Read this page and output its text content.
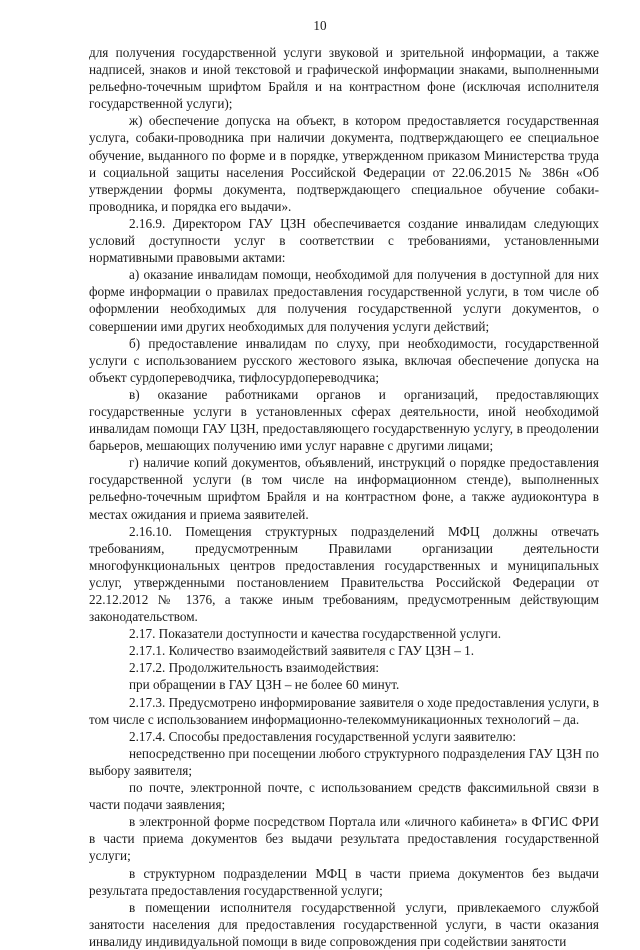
10

для получения государственной услуги звуковой и зрительной информации, а также надписей, знаков и иной текстовой и графической информации знаками, выполненными рельефно-точечным шрифтом Брайля и на контрастном фоне (исключая исполнителя государственной услуги);

ж) обеспечение допуска на объект, в котором предоставляется государственная услуга, собаки-проводника при наличии документа, подтверждающего ее специальное обучение, выданного по форме и в порядке, утвержденном приказом Министерства труда и социальной защиты населения Российской Федерации от 22.06.2015 № 386н «Об утверждении формы документа, подтверждающего специальное обучение собаки-проводника, и порядка его выдачи».

2.16.9. Директором ГАУ ЦЗН обеспечивается создание инвалидам следующих условий доступности услуг в соответствии с требованиями, установленными нормативными правовыми актами:

а) оказание инвалидам помощи, необходимой для получения в доступной для них форме информации о правилах предоставления государственной услуги, в том числе об оформлении необходимых для получения государственной услуги документов, о совершении ими других необходимых для получения услуги действий;

б) предоставление инвалидам по слуху, при необходимости, государственной услуги с использованием русского жестового языка, включая обеспечение допуска на объект сурдопереводчика, тифлосурдопереводчика;

в) оказание работниками органов и организаций, предоставляющих государственные услуги в установленных сферах деятельности, иной необходимой инвалидам помощи ГАУ ЦЗН, предоставляющего государственную услугу, в преодолении барьеров, мешающих получению ими услуг наравне с другими лицами;

г) наличие копий документов, объявлений, инструкций о порядке предоставления государственной услуги (в том числе на информационном стенде), выполненных рельефно-точечным шрифтом Брайля и на контрастном фоне, а также аудиоконтура в местах ожидания и приема заявителей.

2.16.10. Помещения структурных подразделений МФЦ должны отвечать требованиям, предусмотренным Правилами организации деятельности многофункциональных центров предоставления государственных и муниципальных услуг, утвержденными постановлением Правительства Российской Федерации от 22.12.2012 № 1376, а также иным требованиям, предусмотренным действующим законодательством.

2.17. Показатели доступности и качества государственной услуги.

2.17.1. Количество взаимодействий заявителя с ГАУ ЦЗН – 1.

2.17.2. Продолжительность взаимодействия:

при обращении в ГАУ ЦЗН – не более 60 минут.

2.17.3. Предусмотрено информирование заявителя о ходе предоставления услуги, в том числе с использованием информационно-телекоммуникационных технологий – да.

2.17.4. Способы предоставления государственной услуги заявителю:

непосредственно при посещении любого структурного подразделения ГАУ ЦЗН по выбору заявителя;

по почте, электронной почте, с использованием средств факсимильной связи в части подачи заявления;

в электронной форме посредством Портала или «личного кабинета» в ФГИС ФРИ в части приема документов без выдачи результата предоставления государственной услуги;

в структурном подразделении МФЦ в части приема документов без выдачи результата предоставления государственной услуги;

в помещении исполнителя государственной услуги, привлекаемого службой занятости населения для предоставления государственной услуги, в части оказания инвалиду индивидуальной помощи в виде сопровождения при содействии занятости
